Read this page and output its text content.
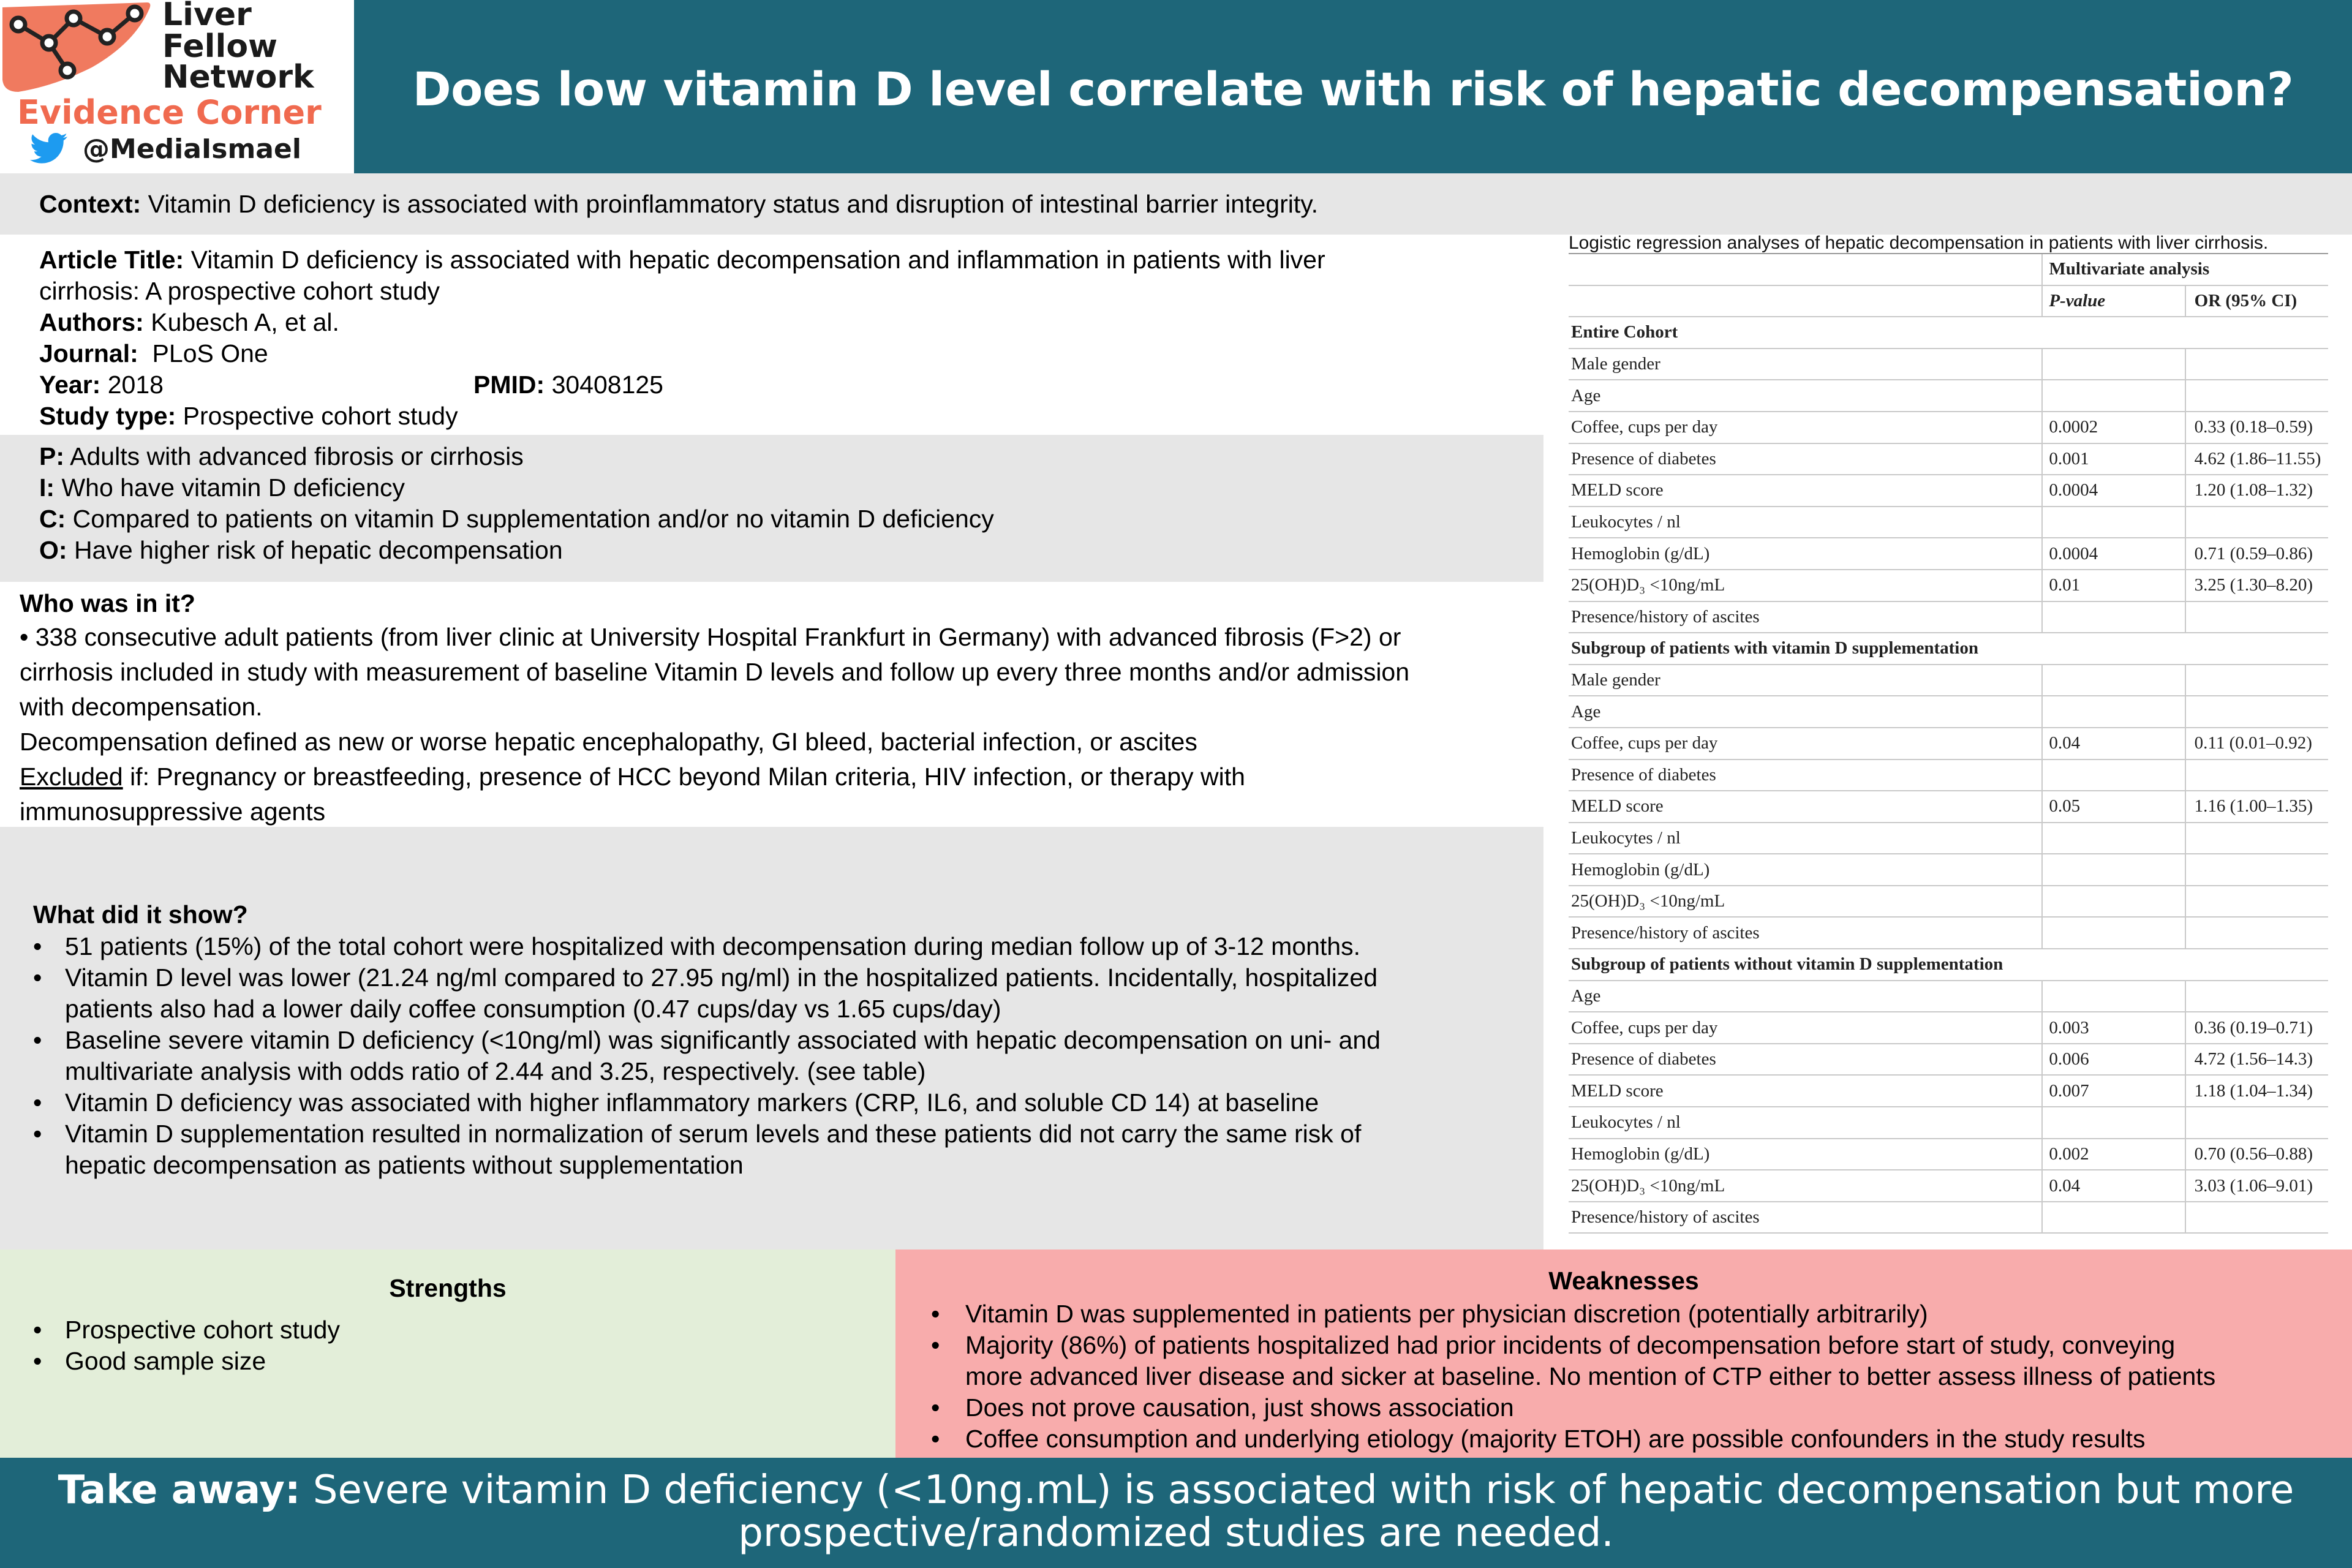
Liver
Fellow
Network
Evidence Corner
@MediaIsmael
Does low vitamin D level correlate with risk of hepatic decompensation?

Context: Vitamin D deficiency is associated with proinflammatory status and disruption of intestinal barrier integrity.

Article Title: Vitamin D deficiency is associated with hepatic decompensation and inflammation in patients with liver
cirrhosis: A prospective cohort study
Authors: Kubesch A, et al.
Journal: PLoS One
Year: 2018	PMID: 30408125
Study type: Prospective cohort study
P: Adults with advanced fibrosis or cirrhosis
I: Who have vitamin D deficiency
C: Compared to patients on vitamin D supplementation and/or no vitamin D deficiency
O: Have higher risk of hepatic decompensation
Who was in it?
• 338 consecutive adult patients (from liver clinic at University Hospital Frankfurt in Germany) with advanced fibrosis (F>2) or
cirrhosis included in study with measurement of baseline Vitamin D levels and follow up every three months and/or admission
with decompensation.
Decompensation defined as new or worse hepatic encephalopathy, GI bleed, bacterial infection, or ascites
Excluded if: Pregnancy or breastfeeding, presence of HCC beyond Milan criteria, HIV infection, or therapy with
immunosuppressive agents
What did it show?
• 51 patients (15%) of the total cohort were hospitalized with decompensation during median follow up of 3-12 months.
• Vitamin D level was lower (21.24 ng/ml compared to 27.95 ng/ml) in the hospitalized patients. Incidentally, hospitalized
patients also had a lower daily coffee consumption (0.47 cups/day vs 1.65 cups/day)
• Baseline severe vitamin D deficiency (<10ng/ml) was significantly associated with hepatic decompensation on uni- and
multivariate analysis with odds ratio of 2.44 and 3.25, respectively. (see table)
• Vitamin D deficiency was associated with higher inflammatory markers (CRP, IL6, and soluble CD 14) at baseline
• Vitamin D supplementation resulted in normalization of serum levels and these patients did not carry the same risk of
hepatic decompensation as patients without supplementation
Logistic regression analyses of hepatic decompensation in patients with liver cirrhosis.
	Multivariate analysis	
	P-value	OR (95% CI)
Entire Cohort		
Male gender		
Age		
Coffee, cups per day	0.0002	0.33 (0.18–0.59)
Presence of diabetes	0.001	4.62 (1.86–11.55)
MELD score	0.0004	1.20 (1.08–1.32)
Leukocytes / nl		
Hemoglobin (g/dL)	0.0004	0.71 (0.59–0.86)
25(OH)D₃ <10ng/mL	0.01	3.25 (1.30–8.20)
Presence/history of ascites		
Subgroup of patients with vitamin D supplementation		
Male gender		
Age		
Coffee, cups per day	0.04	0.11 (0.01–0.92)
Presence of diabetes		
MELD score	0.05	1.16 (1.00–1.35)
Leukocytes / nl		
Hemoglobin (g/dL)		
25(OH)D₃ <10ng/mL		
Presence/history of ascites		
Subgroup of patients without vitamin D supplementation		
Age		
Coffee, cups per day	0.003	0.36 (0.19–0.71)
Presence of diabetes	0.006	4.72 (1.56–14.3)
MELD score	0.007	1.18 (1.04–1.34)
Leukocytes / nl		
Hemoglobin (g/dL)	0.002	0.70 (0.56–0.88)
25(OH)D₃ <10ng/mL	0.04	3.03 (1.06–9.01)
Presence/history of ascites		
Strengths
• Prospective cohort study
• Good sample size
Weaknesses
• Vitamin D was supplemented in patients per physician discretion (potentially arbitrarily)
• Majority (86%) of patients hospitalized had prior incidents of decompensation before start of study, conveying
more advanced liver disease and sicker at baseline. No mention of CTP either to better assess illness of patients
• Does not prove causation, just shows association
• Coffee consumption and underlying etiology (majority ETOH) are possible confounders in the study results
Take away: Severe vitamin D deficiency (<10ng.mL) is associated with risk of hepatic decompensation but more
prospective/randomized studies are needed.
